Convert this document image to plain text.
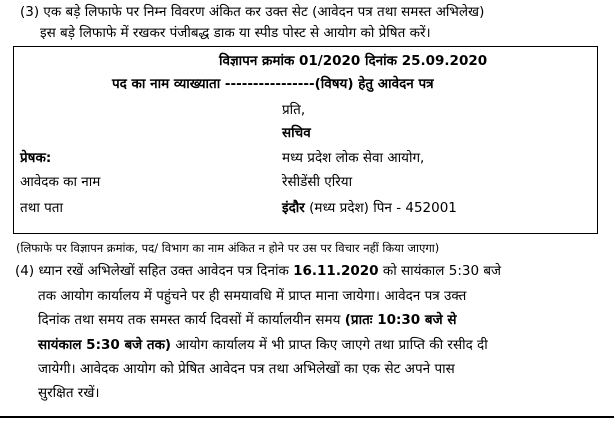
(3) एक बड़े लिफाफे पर निम्न विवरण अंकित कर उक्त सेट (आवेदन पत्र तथा समस्त अभिलेख)
इस बड़े लिफाफे में रखकर पंजीबद्ध डाक या स्पीड पोस्ट से आयोग को प्रेषित करें।
विज्ञापन क्रमांक 01/2020 दिनांक 25.09.2020
पद का नाम व्याख्याता ----------------(विषय) हेतु आवेदन पत्र
प्रति,
सचिव
प्रेषक:	मध्य प्रदेश लोक सेवा आयोग,
आवेदक का नाम	रेसीडेंसी एरिया
तथा पता	इंदौर (मध्य प्रदेश) पिन - 452001
(लिफाफे पर विज्ञापन क्रमांक, पद/ विभाग का नाम अंकित न होने पर उस पर विचार नहीं किया जाएगा)
(4) ध्यान रखें अभिलेखों सहित उक्त आवेदन पत्र दिनांक 16.11.2020 को सायंकाल 5:30 बजे
तक आयोग कार्यालय में पहुंचने पर ही समयावधि में प्राप्त माना जायेगा। आवेदन पत्र उक्त
दिनांक तथा समय तक समस्त कार्य दिवसों में कार्यालयीन समय (प्रातः 10:30 बजे से
सायंकाल 5:30 बजे तक) आयोग कार्यालय में भी प्राप्त किए जाएगे तथा प्राप्ति की रसीद दी
जायेगी। आवेदक आयोग को प्रेषित आवेदन पत्र तथा अभिलेखों का एक सेट अपने पास
सुरक्षित रखें।
